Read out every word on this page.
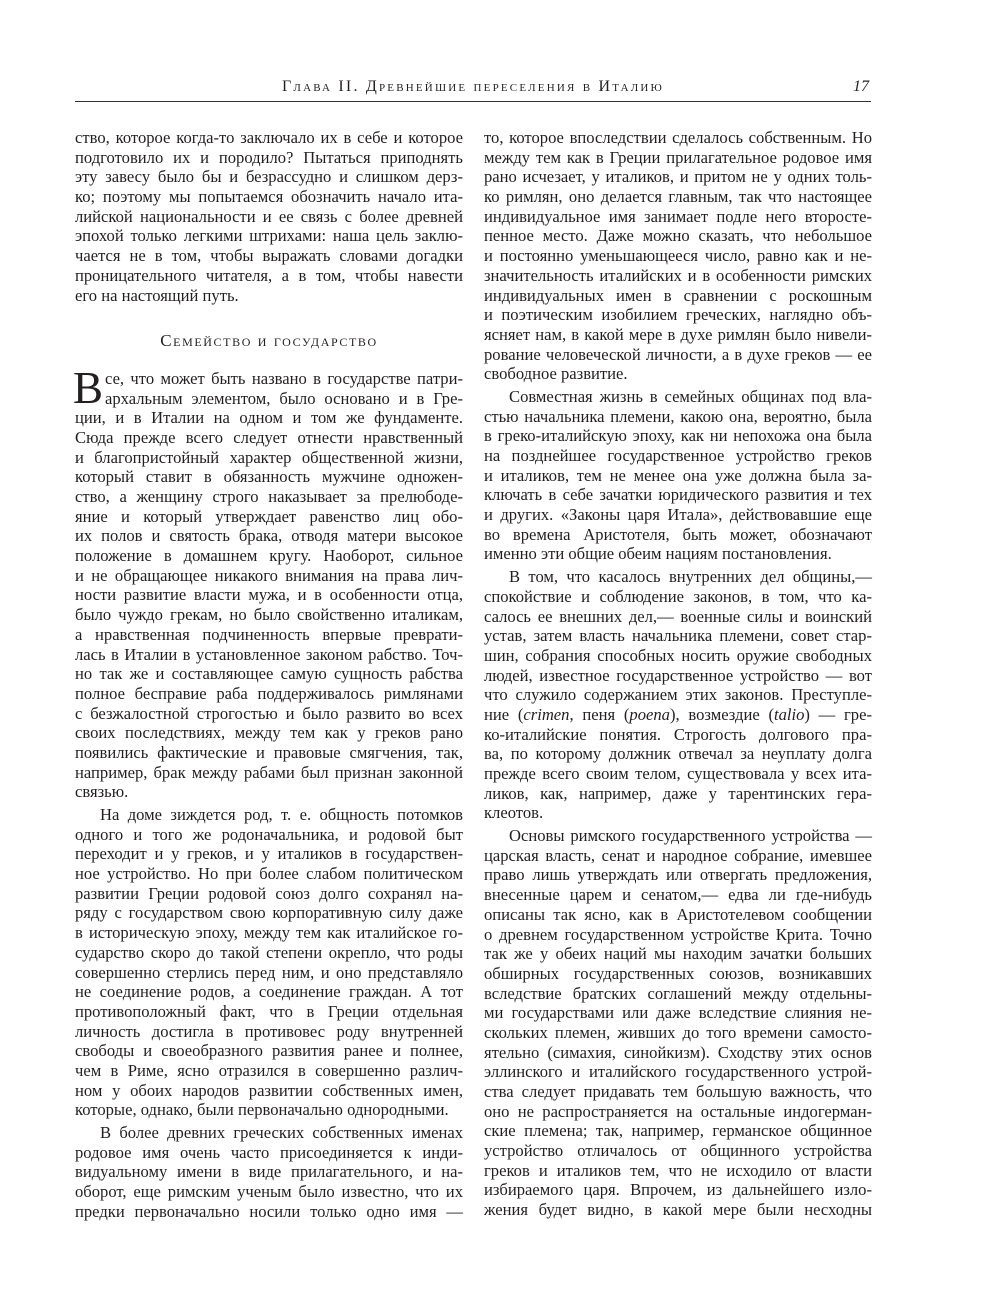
Глава II. Древнейшие переселения в Италию	17
ство, которое когда-то заключало их в себе и которое
подготовило их и породило? Пытаться приподнять
эту завесу было бы и безрассудно и слишком дерз-
ко; поэтому мы попытаемся обозначить начало ита-
лийской национальности и ее связь с более древней
эпохой только легкими штрихами: наша цель заклю-
чается не в том, чтобы выражать словами догадки
проницательного читателя, а в том, чтобы навести
его на настоящий путь.
Семейство и государство
В се, что может быть названо в государстве патри-
архальным элементом, было основано и в Гре-
ции, и в Италии на одном и том же фундаменте.
Сюда прежде всего следует отнести нравственный
и благопристойный характер общественной жизни,
который ставит в обязанность мужчине одножен-
ство, а женщину строго наказывает за прелюбоде-
яние и который утверждает равенство лиц обо-
их полов и святость брака, отводя матери высокое
положение в домашнем кругу. Наоборот, сильное
и не обращающее никакого внимания на права лич-
ности развитие власти мужа, и в особенности отца,
было чуждо грекам, но было свойственно италикам,
а нравственная подчиненность впервые преврати-
лась в Италии в установленное законом рабство. Точ-
но так же и составляющее самую сущность рабства
полное бесправие раба поддерживалось римлянами
с безжалостной строгостью и было развито во всех
своих последствиях, между тем как у греков рано
появились фактические и правовые смягчения, так,
например, брак между рабами был признан законной
связью.
На доме зиждется род, т. е. общность потомков
одного и того же родоначальника, и родовой быт
переходит и у греков, и у италиков в государствен-
ное устройство. Но при более слабом политическом
развитии Греции родовой союз долго сохранял на-
ряду с государством свою корпоративную силу даже
в историческую эпоху, между тем как италийское го-
сударство скоро до такой степени окрепло, что роды
совершенно стерлись перед ним, и оно представляло
не соединение родов, а соединение граждан. А тот
противоположный факт, что в Греции отдельная
личность достигла в противовес роду внутренней
свободы и своеобразного развития ранее и полнее,
чем в Риме, ясно отразился в совершенно различ-
ном у обоих народов развитии собственных имен,
которые, однако, были первоначально однородными.
В более древних греческих собственных именах
родовое имя очень часто присоединяется к инди-
видуальному имени в виде прилагательного, и на-
оборот, еще римским ученым было известно, что их
предки первоначально носили только одно имя —
то, которое впоследствии сделалось собственным. Но
между тем как в Греции прилагательное родовое имя
рано исчезает, у италиков, и притом не у одних толь-
ко римлян, оно делается главным, так что настоящее
индивидуальное имя занимает подле него второсте-
пенное место. Даже можно сказать, что небольшое
и постоянно уменьшающееся число, равно как и не-
значительность италийских и в особенности римских
индивидуальных имен в сравнении с роскошным
и поэтическим изобилием греческих, наглядно объ-
ясняет нам, в какой мере в духе римлян было нивели-
рование человеческой личности, а в духе греков — ее
свободное развитие.
Совместная жизнь в семейных общинах под вла-
стью начальника племени, какою она, вероятно, была
в греко-италийскую эпоху, как ни непохожа она была
на позднейшее государственное устройство греков
и италиков, тем не менее она уже должна была за-
ключать в себе зачатки юридического развития и тех
и других. «Законы царя Итала», действовавшие еще
во времена Аристотеля, быть может, обозначают
именно эти общие обеим нациям постановления.
В том, что касалось внутренних дел общины,—
спокойствие и соблюдение законов, в том, что ка-
салось ее внешних дел,— военные силы и воинский
устав, затем власть начальника племени, совет стар-
шин, собрания способных носить оружие свободных
людей, известное государственное устройство — вот
что служило содержанием этих законов. Преступле-
ние (crimen, пеня (poena), возмездие (talio) — гре-
ко-италийские понятия. Строгость долгового пра-
ва, по которому должник отвечал за неуплату долга
прежде всего своим телом, существовала у всех ита-
ликов, как, например, даже у тарентинских гера-
клеотов.
Основы римского государственного устройства —
царская власть, сенат и народное собрание, имевшее
право лишь утверждать или отвергать предложения,
внесенные царем и сенатом,— едва ли где-нибудь
описаны так ясно, как в Аристотелевом сообщении
о древнем государственном устройстве Крита. Точно
так же у обеих наций мы находим зачатки больших
обширных государственных союзов, возникавших
вследствие братских соглашений между отдельны-
ми государствами или даже вследствие слияния не-
скольких племен, живших до того времени самосто-
ятельно (симахия, синойкизм). Сходству этих основ
эллинского и италийского государственного устрой-
ства следует придавать тем большую важность, что
оно не распространяется на остальные индогерман-
ские племена; так, например, германское общинное
устройство отличалось от общинного устройства
греков и италиков тем, что не исходило от власти
избираемого царя. Впрочем, из дальнейшего изло-
жения будет видно, в какой мере были несходны
